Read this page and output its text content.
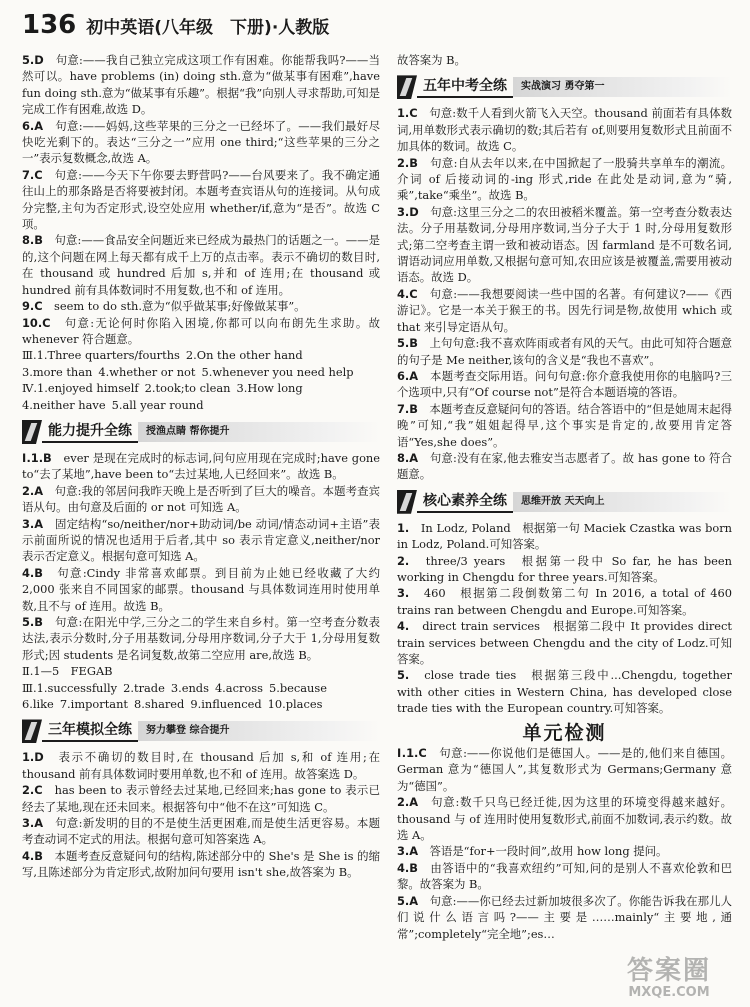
136 初中英语(八年级　下册)·人教版

5.D　 句意:——我自己独立完成这项工作有困难。你能帮我吗?——当然可以。have problems (in) doing sth.意为“做某事有困难”,have fun doing sth.意为“做某事有乐趣”。根据“我”向别人寻求帮助,可知是完成工作有困难,故选 D。

6.A　 句意:——妈妈,这些苹果的三分之一已经坏了。——我们最好尽快吃光剩下的。表达“三分之一”应用 one third;“这些苹果的三分之一”表示复数概念,故选 A。

7.C　 句意:——今天下午你要去野营吗?——台风要来了。我不确定通往山上的那条路是否将要被封闭。本题考查宾语从句的连接词。从句成分完整,主句为否定形式,设空处应用 whether/if,意为“是否”。故选 C 项。

8.B　 句意:——食品安全问题近来已经成为最热门的话题之一。——是的,这个问题在网上每天都有成千上万的点击率。表示不确切的数目时,在 thousand 或 hundred 后加 s,并和 of 连用;在 thousand 或 hundred 前有具体数词时不用复数,也不和 of 连用。

9.C　 seem to do sth.意为“似乎做某事;好像做某事”。

10.C　 句意:无论何时你陷入困境,你都可以向布朗先生求助。故 whenever 符合题意。

Ⅲ.1.Three quarters/fourths 2.On the other hand
3.more than 4.whether or not 5.whenever you need help
Ⅳ.1.enjoyed himself 2.took;to clean 3.How long
4.neither have 5.all year round
能力提升全练	授渔点睛 帮你提升

Ⅰ.1.B　 ever 是现在完成时的标志词,问句应用现在完成时;have gone to“去了某地”,have been to“去过某地,人已经回来”。故选 B。

2.A　 句意:我的邻居问我昨天晚上是否听到了巨大的噪音。本题考查宾语从句。由句意及后面的 or not 可知选 A。

3.A　 固定结构“so/neither/nor+助动词/be 动词/情态动词+主语”表示前面所说的情况也适用于后者,其中 so 表示肯定意义,neither/nor 表示否定意义。根据句意可知选 A。

4.B　 句意:Cindy 非常喜欢邮票。到目前为止她已经收藏了大约 2,000 张来自不同国家的邮票。thousand 与具体数词连用时使用单数,且不与 of 连用。故选 B。

5.B　 句意:在阳光中学,三分之二的学生来自乡村。第一空考查分数表达法,表示分数时,分子用基数词,分母用序数词,分子大于 1,分母用复数形式;因 students 是名词复数,故第二空应用 are,故选 B。

Ⅱ.1—5　FEGAB

Ⅲ.1.successfully 2.trade 3.ends 4.across 5.because
6.like 7.important 8.shared 9.influenced 10.places
三年模拟全练	努力攀登 综合提升

1.D　 表示不确切的数目时,在 thousand 后加 s,和 of 连用;在 thousand 前有具体数词时要用单数,也不和 of 连用。故答案选 D。

2.C　 has been to 表示曾经去过某地,已经回来;has gone to 表示已经去了某地,现在还未回来。根据答句中“他不在这”可知选 C。

3.A　 句意:新发明的目的不是使生活更困难,而是使生活更容易。本题考查动词不定式的用法。根据句意可知答案选 A。

4.B　 本题考查反意疑问句的结构,陈述部分中的 She's 是 She is 的缩写,且陈述部分为肯定形式,故附加问句要用 isn't she,故答案为 B。

故答案为 B。

五年中考全练	实战演习 勇夺第一

1.C　 句意:数千人看到火箭飞入天空。thousand 前面若有具体数词,用单数形式表示确切的数;其后若有 of,则要用复数形式且前面不加具体的数词。故选 C。

2.B　 句意:自从去年以来,在中国掀起了一股骑共享单车的潮流。介词 of 后接动词的-ing 形式,ride 在此处是动词,意为“骑,乘”,take“乘坐”。故选 B。

3.D　 句意:这里三分之二的农田被稻米覆盖。第一空考查分数表达法。分子用基数词,分母用序数词,当分子大于 1 时,分母用复数形式;第二空考查主谓一致和被动语态。因 farmland 是不可数名词,谓语动词应用单数,又根据句意可知,农田应该是被覆盖,需要用被动语态。故选 D。

4.C　 句意:——我想要阅读一些中国的名著。有何建议?——《西游记》。它是一本关于猴王的书。因先行词是物,故使用 which 或 that 来引导定语从句。

5.B　 上句句意:我不喜欢阵雨或者有风的天气。由此可知符合题意的句子是 Me neither,该句的含义是“我也不喜欢”。

6.A　 本题考查交际用语。问句句意:你介意我使用你的电脑吗?三个选项中,只有“Of course not”是符合本题语境的答语。

7.B　 本题考查反意疑问句的答语。结合答语中的“但是她周末起得晚”可知,“我”姐姐起得早,这个事实是肯定的,故要用肯定答语“Yes,she does”。

8.A　 句意:没有在家,他去雅安当志愿者了。故 has gone to 符合题意。

核心素养全练	思维开放 天天向上

1.　 In Lodz, Poland　根据第一句 Maciek Czastka was born in Lodz, Poland.可知答案。

2.　 three/3 years　根据第一段中 So far, he has been working in Chengdu for three years.可知答案。

3.　 460　根据第二段倒数第二句 In 2016, a total of 460 trains ran between Chengdu and Europe.可知答案。

4.　 direct train services　根据第二段中 It provides direct train services between Chengdu and the city of Lodz.可知答案。

5.　 close trade ties　根据第三段中...Chengdu, together with other cities in Western China, has developed close trade ties with the European country.可知答案。

单元检测

Ⅰ.1.C　 句意:——你说他们是德国人。——是的,他们来自德国。German 意为“德国人”,其复数形式为 Germans;Germany 意为“德国”。

2.A　 句意:数千只鸟已经迁徙,因为这里的环境变得越来越好。thousand 与 of 连用时使用复数形式,前面不加数词,表示约数。故选 A。

3.A　 答语是“for+一段时间”,故用 how long 提问。

4.B　 由答语中的“我喜欢纽约”可知,问的是别人不喜欢伦敦和巴黎。故答案为 B。

5.A　 句意:——你已经去过新加坡很多次了。你能告诉我在那儿人们说什么语言吗?——主要是……mainly“主要地,通常”;completely“完全地”;es…

答案圈
MXQE.COM
